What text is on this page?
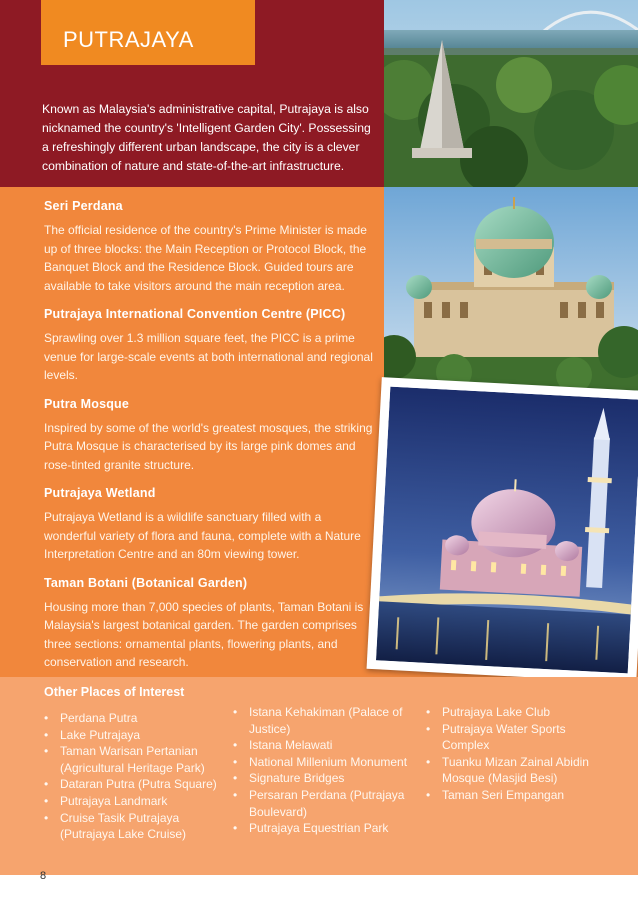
PUTRAJAYA

Known as Malaysia's administrative capital, Putrajaya is also nicknamed the country's 'Intelligent Garden City'. Possessing a refreshingly different urban landscape, the city is a clever combination of nature and state-of-the-art infrastructure.

Seri Perdana

The official residence of the country's Prime Minister is made up of three blocks: the Main Reception or Protocol Block, the Banquet Block and the Residence Block. Guided tours are available to take visitors around the main reception area.

Putrajaya International Convention Centre (PICC)

Sprawling over 1.3 million square feet, the PICC is a prime venue for large-scale events at both international and regional levels.

Putra Mosque

Inspired by some of the world's greatest mosques, the striking Putra Mosque is characterised by its large pink domes and rose-tinted granite structure.

Putrajaya Wetland

Putrajaya Wetland is a wildlife sanctuary filled with a wonderful variety of flora and fauna, complete with a Nature Interpretation Centre and an 80m viewing tower.

Taman Botani (Botanical Garden)

Housing more than 7,000 species of plants, Taman Botani is Malaysia's largest botanical garden. The garden comprises three sections: ornamental plants, flowering plants, and conservation and research.

Other Places of Interest
• Perdana Putra
• Lake Putrajaya
• Taman Warisan Pertanian (Agricultural Heritage Park)
• Dataran Putra (Putra Square)
• Putrajaya Landmark
• Cruise Tasik Putrajaya (Putrajaya Lake Cruise)
• Istana Kehakiman (Palace of Justice)
• Istana Melawati
• National Millenium Monument
• Signature Bridges
• Persaran Perdana (Putrajaya Boulevard)
• Putrajaya Equestrian Park
• Putrajaya Lake Club
• Putrajaya Water Sports Complex
• Tuanku Mizan Zainal Abidin Mosque (Masjid Besi)
• Taman Seri Empangan
8
